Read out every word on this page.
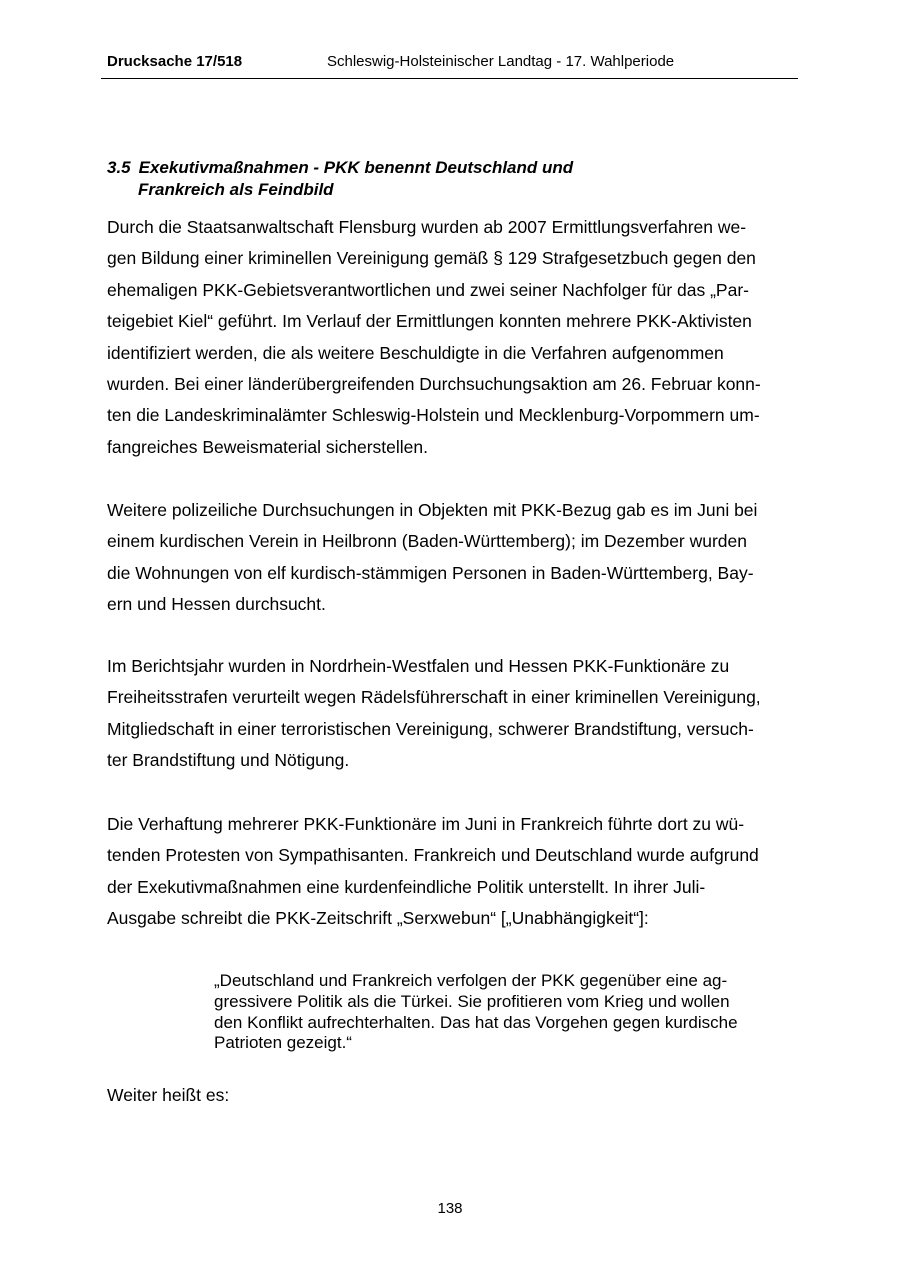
Drucksache 17/518	Schleswig-Holsteinischer Landtag - 17. Wahlperiode
3.5 Exekutivmaßnahmen - PKK benennt Deutschland und
Frankreich als Feindbild
Durch die Staatsanwaltschaft Flensburg wurden ab 2007 Ermittlungsverfahren we-
gen Bildung einer kriminellen Vereinigung gemäß § 129 Strafgesetzbuch gegen den
ehemaligen PKK-Gebietsverantwortlichen und zwei seiner Nachfolger für das „Par-
teigebiet Kiel“ geführt. Im Verlauf der Ermittlungen konnten mehrere PKK-Aktivisten
identifiziert werden, die als weitere Beschuldigte in die Verfahren aufgenommen
wurden. Bei einer länderübergreifenden Durchsuchungsaktion am 26. Februar konn-
ten die Landeskriminalämter Schleswig-Holstein und Mecklenburg-Vorpommern um-
fangreiches Beweismaterial sicherstellen.
Weitere polizeiliche Durchsuchungen in Objekten mit PKK-Bezug gab es im Juni bei
einem kurdischen Verein in Heilbronn (Baden-Württemberg); im Dezember wurden
die Wohnungen von elf kurdisch-stämmigen Personen in Baden-Württemberg, Bay-
ern und Hessen durchsucht.
Im Berichtsjahr wurden in Nordrhein-Westfalen und Hessen PKK-Funktionäre zu
Freiheitsstrafen verurteilt wegen Rädelsführerschaft in einer kriminellen Vereinigung,
Mitgliedschaft in einer terroristischen Vereinigung, schwerer Brandstiftung, versuch-
ter Brandstiftung und Nötigung.
Die Verhaftung mehrerer PKK-Funktionäre im Juni in Frankreich führte dort zu wü-
tenden Protesten von Sympathisanten. Frankreich und Deutschland wurde aufgrund
der Exekutivmaßnahmen eine kurdenfeindliche Politik unterstellt. In ihrer Juli-
Ausgabe schreibt die PKK-Zeitschrift „Serxwebun“ [„Unabhängigkeit“]:
„Deutschland und Frankreich verfolgen der PKK gegenüber eine ag-
gressivere Politik als die Türkei. Sie profitieren vom Krieg und wollen
den Konflikt aufrechterhalten. Das hat das Vorgehen gegen kurdische
Patrioten gezeigt.“
Weiter heißt es:
138
